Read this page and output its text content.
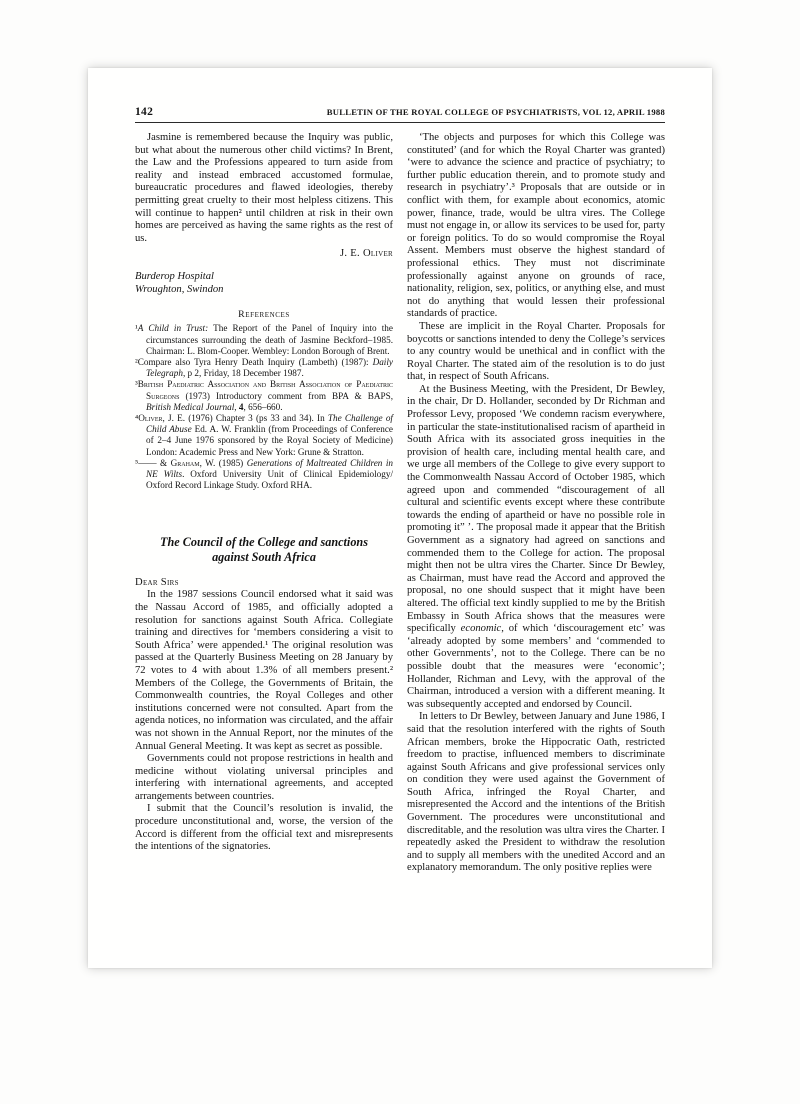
142	BULLETIN OF THE ROYAL COLLEGE OF PSYCHIATRISTS, VOL 12, APRIL 1988

Jasmine is remembered because the Inquiry was public, but what about the numerous other child victims? In Brent, the Law and the Professions appeared to turn aside from reality and instead embraced accustomed formulae, bureaucratic procedures and flawed ideologies, thereby permitting great cruelty to their most helpless citizens. This will continue to happen² until children at risk in their own homes are perceived as having the same rights as the rest of us.

J. E. Oliver

Burderop Hospital
Wroughton, Swindon

References

¹A Child in Trust: The Report of the Panel of Inquiry into the circumstances surrounding the death of Jasmine Beckford–1985. Chairman: L. Blom-Cooper. Wembley: London Borough of Brent.

²Compare also Tyra Henry Death Inquiry (Lambeth) (1987): Daily Telegraph, p 2, Friday, 18 December 1987.

³British Paediatric Association and British Association of Paediatric Surgeons (1973) Introductory comment from BPA & BAPS, British Medical Journal, 4, 656–660.

⁴Oliver, J. E. (1976) Chapter 3 (ps 33 and 34). In The Challenge of Child Abuse Ed. A. W. Franklin (from Proceedings of Conference of 2–4 June 1976 sponsored by the Royal Society of Medicine) London: Academic Press and New York: Grune & Stratton.

⁵—— & Graham, W. (1985) Generations of Maltreated Children in NE Wilts. Oxford University Unit of Clinical Epidemiology/ Oxford Record Linkage Study. Oxford RHA.

The Council of the College and sanctions against South Africa

Dear Sirs

In the 1987 sessions Council endorsed what it said was the Nassau Accord of 1985, and officially adopted a resolution for sanctions against South Africa. Collegiate training and directives for ‘members considering a visit to South Africa’ were appended.¹ The original resolution was passed at the Quarterly Business Meeting on 28 January by 72 votes to 4 with about 1.3% of all members present.² Members of the College, the Governments of Britain, the Commonwealth countries, the Royal Colleges and other institutions concerned were not consulted. Apart from the agenda notices, no information was circulated, and the affair was not shown in the Annual Report, nor the minutes of the Annual General Meeting. It was kept as secret as possible.

Governments could not propose restrictions in health and medicine without violating universal principles and interfering with international agreements, and accepted arrangements between countries.

I submit that the Council’s resolution is invalid, the procedure unconstitutional and, worse, the version of the Accord is different from the official text and misrepresents the intentions of the signatories.

‘The objects and purposes for which this College was constituted’ (and for which the Royal Charter was granted) ‘were to advance the science and practice of psychiatry; to further public education therein, and to promote study and research in psychiatry’.³ Proposals that are outside or in conflict with them, for example about economics, atomic power, finance, trade, would be ultra vires. The College must not engage in, or allow its services to be used for, party or foreign politics. To do so would compromise the Royal Assent. Members must observe the highest standard of professional ethics. They must not discriminate professionally against anyone on grounds of race, nationality, religion, sex, politics, or anything else, and must not do anything that would lessen their professional standards of practice.

These are implicit in the Royal Charter. Proposals for boycotts or sanctions intended to deny the College’s services to any country would be unethical and in conflict with the Royal Charter. The stated aim of the resolution is to do just that, in respect of South Africans.

At the Business Meeting, with the President, Dr Bewley, in the chair, Dr D. Hollander, seconded by Dr Richman and Professor Levy, proposed ‘We condemn racism everywhere, in particular the state-institutionalised racism of apartheid in South Africa with its associated gross inequities in the provision of health care, including mental health care, and we urge all members of the College to give every support to the Commonwealth Nassau Accord of October 1985, which agreed upon and commended “discouragement of all cultural and scientific events except where these contribute towards the ending of apartheid or have no possible role in promoting it” ’. The proposal made it appear that the British Government as a signatory had agreed on sanctions and commended them to the College for action. The proposal might then not be ultra vires the Charter. Since Dr Bewley, as Chairman, must have read the Accord and approved the proposal, no one should suspect that it might have been altered. The official text kindly supplied to me by the British Embassy in South Africa shows that the measures were specifically economic, of which ‘discouragement etc’ was ‘already adopted by some members’ and ‘commended to other Governments’, not to the College. There can be no possible doubt that the measures were ‘economic’; Hollander, Richman and Levy, with the approval of the Chairman, introduced a version with a different meaning. It was subsequently accepted and endorsed by Council.

In letters to Dr Bewley, between January and June 1986, I said that the resolution interfered with the rights of South African members, broke the Hippocratic Oath, restricted freedom to practise, influenced members to discriminate against South Africans and give professional services only on condition they were used against the Government of South Africa, infringed the Royal Charter, and misrepresented the Accord and the intentions of the British Government. The procedures were unconstitutional and discreditable, and the resolution was ultra vires the Charter. I repeatedly asked the President to withdraw the resolution and to supply all members with the unedited Accord and an explanatory memorandum. The only positive replies were
